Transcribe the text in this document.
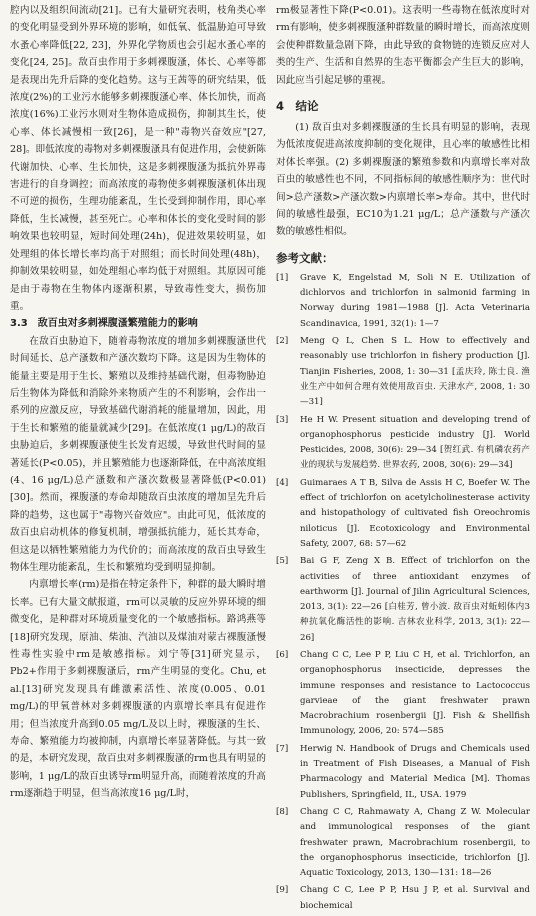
腔内以及组织间流动[21]。已有大量研究表明，枝角类心率的变化明显受到外界环境的影响，如低氧、低温胁迫可导致水蚤心率降低[22, 23]，外界化学物质也会引起水蚤心率的变化[24, 25]。敌百虫作用于多刺裸腹溞，体长、心率等都是表现出先升后降的变化趋势。这与王茜等的研究结果，低浓度(2%)的工业污水能够多刺裸腹溞心率、体长加快，而高浓度(16%)工业污水则对生物体造成损伤，抑制其生长，使心率、体长减慢相一致[26]，是一种"毒物兴奋效应"[27, 28]。即低浓度的毒物对多刺裸腹溞具有促进作用，会使新陈代谢加快、心率、生长加快，这是多刺裸腹溞为抵抗外界毒害进行的自身调控；而高浓度的毒物使多刺裸腹溞机体出现不可逆的损伤，生理功能紊乱，生长受到抑制作用，即心率降低，生长减慢，甚至死亡。心率和体长的变化受时间的影响效果也较明显，短时间处理(24h)，促进效果较明显，如处理组的体长增长率均高于对照组；而长时间处理(48h)，抑制效果较明显，如处理组心率均低于对照组。其原因可能是由于毒物在生物体内逐渐积累，导致毒性变大，损伤加重。

3.3　敌百虫对多刺裸腹溞繁殖能力的影响

在敌百虫胁迫下，随着毒物浓度的增加多刺裸腹溞世代时间延长、总产溞数和产溞次数均下降。这是因为生物体的能量主要是用于生长、繁殖以及维持基础代谢，但毒物胁迫后生物体为降低和消除外来物质产生的不利影响，会作出一系列的应激反应，导致基础代谢消耗的能量增加，因此，用于生长和繁殖的能量就减少[29]。在低浓度(1 μg/L)的敌百虫胁迫后，多刺裸腹溞使生长发育迟缓，导致世代时间的显著延长(P<0.05)，并且繁殖能力也逐渐降低，在中高浓度组(4、16 μg/L)总产溞数和产溞次数极显著降低(P<0.01)[30]。然而，裸腹溞的寿命却随敌百虫浓度的增加呈先升后降的趋势，这也属于"毒物兴奋效应"。由此可见，低浓度的敌百虫启动机体的修复机制，增强抵抗能力，延长其寿命，但这是以牺牲繁殖能力为代价的；而高浓度的敌百虫导致生物体生理功能紊乱，生长和繁殖均受到明显抑制。

内禀增长率(rm)是指在特定条件下，种群的最大瞬时增长率。已有大量文献报道，rm可以灵敏的反应外界环境的细微变化，是种群对环境质量变化的一个敏感指标。路鸿燕等[18]研究发现，原油、柴油、汽油以及煤油对蒙古裸腹溞慢性毒性实验中rm是敏感指标。刘宁等[31]研究显示，Pb2+作用于多刺裸腹溞后，rm产生明显的变化。Chu, et al.[13]研究发现具有雌激素活性、浓度(0.005、0.01 mg/L)的甲氧普林对多刺裸腹溞的内禀增长率具有促进作用；但当浓度升高到0.05 mg/L及以上时，裸腹溞的生长、寿命、繁殖能力均被抑制，内禀增长率显著降低。与其一致的是，本研究发现，敌百虫对多刺裸腹溞的rm也具有明显的影响，1 μg/L的敌百虫诱导rm明显升高，而随着浓度的升高rm逐渐趋于明显，但当高浓度16 μg/L时，

rm极显著性下降(P<0.01)。这表明一些毒物在低浓度时对rm有影响，使多刺裸腹溞种群数量的瞬时增长，而高浓度则会使种群数量急剧下降，由此导致的食物链的连锁反应对人类的生产、生活和自然界的生态平衡都会产生巨大的影响，因此应当引起足够的重视。

4　结论

(1) 敌百虫对多刺裸腹溞的生长具有明显的影响，表现为低浓度促进高浓度抑制的变化规律，且心率的敏感性比相对体长率强。(2) 多刺裸腹溞的繁殖参数和内禀增长率对敌百虫的敏感性也不同，不同指标间的敏感性顺序为：世代时间>总产溞数>产溞次数>内禀增长率>寿命。其中，世代时间的敏感性最强，EC10为1.21 μg/L；总产溞数与产溞次数的敏感性相似。

参考文献：
[1]	Grave K, Engelstad M, Soli N E. Utilization of dichlorvos and trichlorfon in salmonid farming in Norway during 1981—1988 [J]. Acta Veterinaria Scandinavica, 1991, 32(1): 1—7
[2]	Meng Q L, Chen S L. How to effectively and reasonably use trichlorfon in fishery production [J]. Tianjin Fisheries, 2008, 1: 30—31 [孟庆玲, 陈士良. 渔业生产中如何合理有效使用敌百虫. 天津水产, 2008, 1: 30—31]
[3]	He H W. Present situation and developing trend of organophosphorus pesticide industry [J]. World Pesticides, 2008, 30(6): 29—34 [贺红武. 有机磷农药产业的现状与发展趋势. 世界农药, 2008, 30(6): 29—34]
[4]	Guimaraes A T B, Silva de Assis H C, Boefer W. The effect of trichlorfon on acetylcholinesterase activity and histopathology of cultivated fish Oreochromis niloticus [J]. Ecotoxicology and Environmental Safety, 2007, 68: 57—62
[5]	Bai G F, Zeng X B. Effect of trichlorfon on the activities of three antioxidant enzymes of earthworm [J]. Journal of Jilin Agricultural Sciences, 2013, 3(1): 22—26 [白桂芳, 曾小波. 敌百虫对蚯蚓体内3种抗氧化酶活性的影响. 吉林农业科学, 2013, 3(1): 22—26]
[6]	Chang C C, Lee P P, Liu C H, et al. Trichlorfon, an organophosphorus insecticide, depresses the immune responses and resistance to Lactococcus garvieae of the giant freshwater prawn Macrobrachium rosenbergii [J]. Fish & Shellfish Immunology, 2006, 20: 574—585
[7]	Herwig N. Handbook of Drugs and Chemicals used in Treatment of Fish Diseases, a Manual of Fish Pharmacology and Material Medica [M]. Thomas Publishers, Springfield, IL, USA. 1979
[8]	Chang C C, Rahmawaty A, Chang Z W. Molecular and immunological responses of the giant freshwater prawn, Macrobrachium rosenbergii, to the organophosphorus insecticide, trichlorfon [J]. Aquatic Toxicology, 2013, 130—131: 18—26
[9]	Chang C C, Lee P P, Hsu J P, et al. Survival and biochemical
